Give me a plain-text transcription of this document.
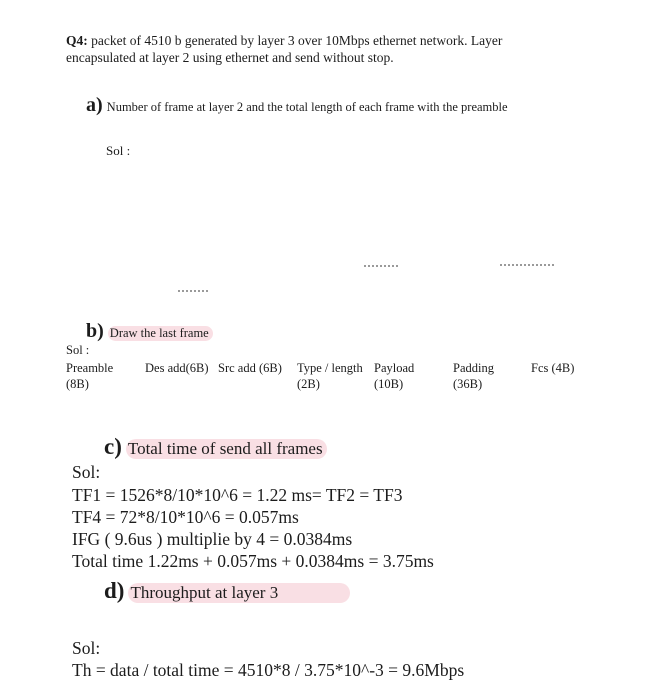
Q4: packet of 4510 b generated by layer 3 over 10Mbps ethernet network. Layer
encapsulated at layer 2 using ethernet and send without stop.
a) Number of frame at layer 2 and the total length of each frame with the preamble
Sol :
b) Draw the last frame
Sol :
Preamble
(8B)
Des add(6B) Src add (6B) Type / length
(2B)
Payload
(10B)
Padding
(36B)
Fcs (4B)
c) Total time of send all frames
Sol:
TF1 = 1526*8/10*10^6 = 1.22 ms= TF2 = TF3
TF4 = 72*8/10*10^6 = 0.057ms
IFG ( 9.6us ) multiplie by 4 = 0.0384ms
Total time 1.22ms + 0.057ms + 0.0384ms = 3.75ms
d) Throughput at layer 3
Sol:
Th = data / total time = 4510*8 / 3.75*10^-3 = 9.6Mbps
